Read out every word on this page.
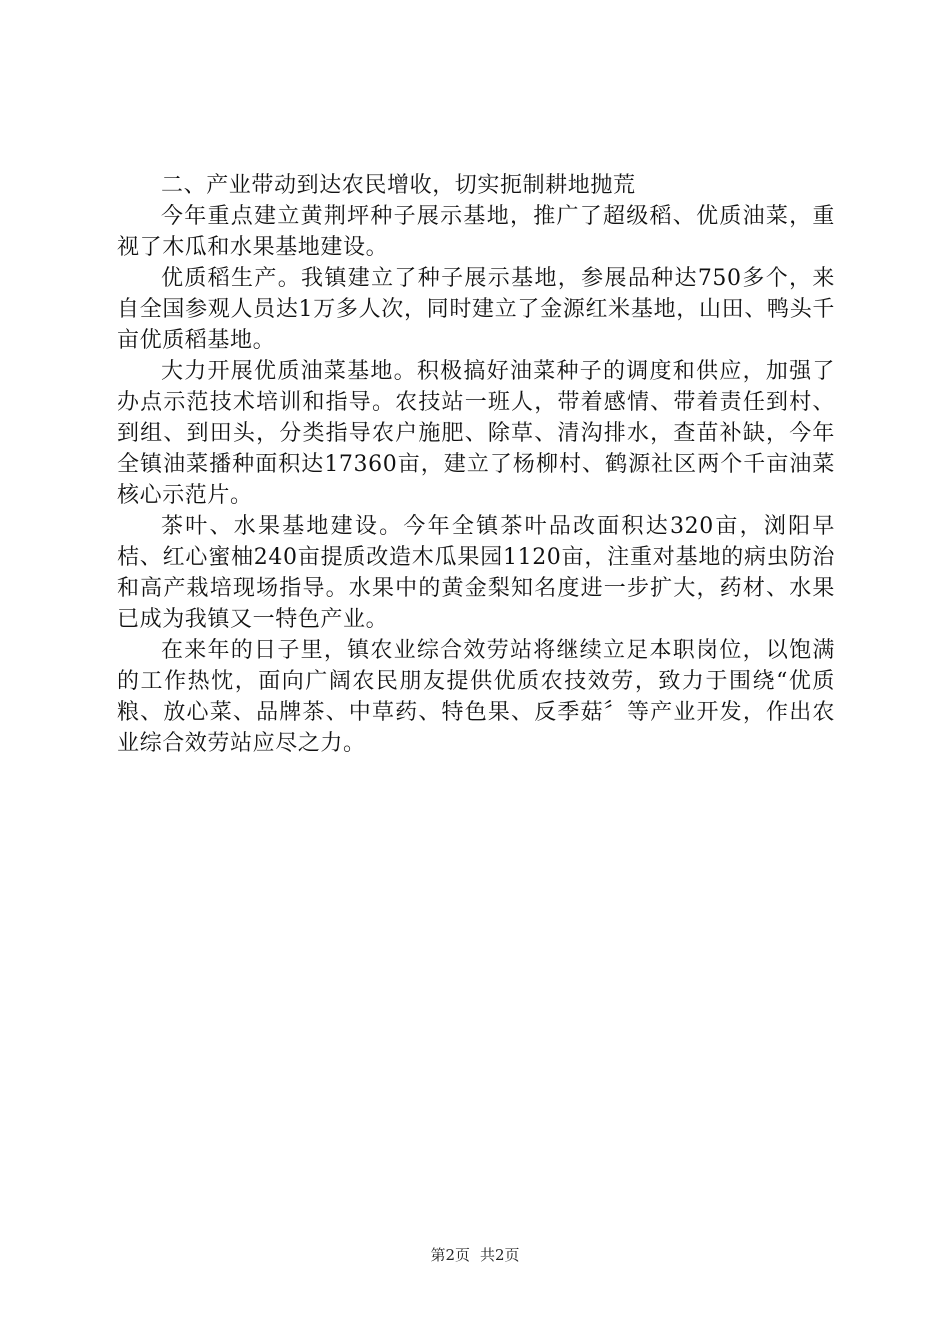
二、产业带动到达农民增收，切实扼制耕地抛荒

今年重点建立黄荆坪种子展示基地，推广了超级稻、优质油菜，重视了木瓜和水果基地建设。

优质稻生产。我镇建立了种子展示基地，参展品种达750多个，来自全国参观人员达1万多人次，同时建立了金源红米基地，山田、鸭头千亩优质稻基地。

大力开展优质油菜基地。积极搞好油菜种子的调度和供应，加强了办点示范技术培训和指导。农技站一班人，带着感情、带着责任到村、到组、到田头，分类指导农户施肥、除草、清沟排水，查苗补缺，今年全镇油菜播种面积达17360亩，建立了杨柳村、鹤源社区两个千亩油菜核心示范片。

茶叶、水果基地建设。今年全镇茶叶品改面积达320亩，浏阳早桔、红心蜜柚240亩提质改造木瓜果园1120亩，注重对基地的病虫防治和高产栽培现场指导。水果中的黄金梨知名度进一步扩大，药材、水果已成为我镇又一特色产业。

在来年的日子里，镇农业综合效劳站将继续立足本职岗位，以饱满的工作热忱，面向广阔农民朋友提供优质农技效劳，致力于围绕“优质粮、放心菜、品牌茶、中草药、特色果、反季菇〞等产业开发，作出农业综合效劳站应尽之力。

第2页 共2页
